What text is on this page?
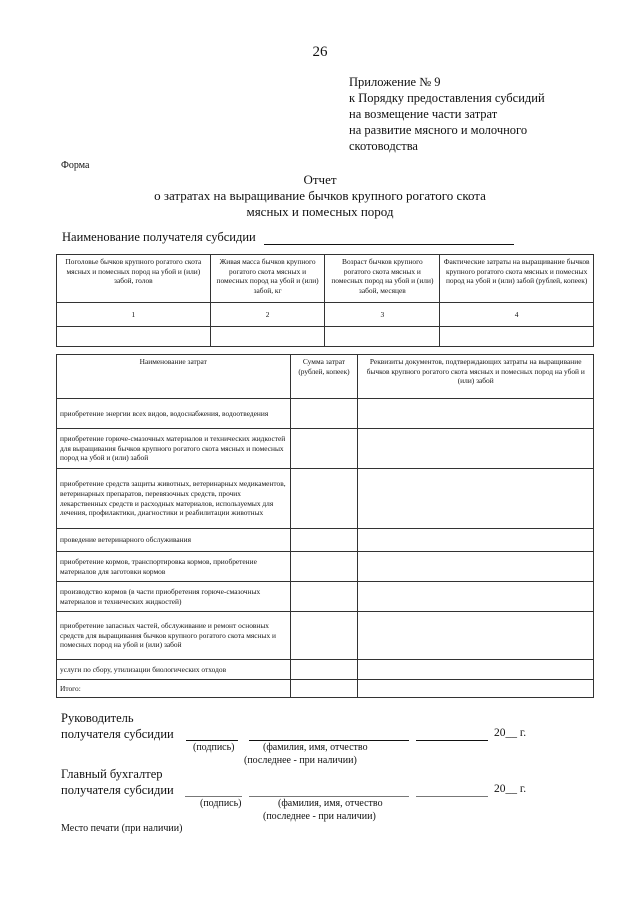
26
Приложение № 9
к Порядку предоставления субсидий
на возмещение части затрат
на развитие мясного и молочного
скотоводства
Форма
Отчет
о затратах на выращивание бычков крупного рогатого скота
мясных и помесных пород
Наименование получателя субсидии
Поголовье бычков крупного рогатого скота мясных и помесных пород на убой и (или) забой, голов	Живая масса бычков крупного рогатого скота мясных и помесных пород на убой и (или) забой, кг	Возраст бычков крупного рогатого скота мясных и помесных пород на убой и (или) забой, месяцев	Фактические затраты на выращивание бычков крупного рогатого скота мясных и помесных пород на убой и (или) забой (рублей, копеек)
1	2	3	4

Наименование затрат	Сумма затрат (рублей, копеек)	Реквизиты документов, подтверждающих затраты на выращивание бычков крупного рогатого скота мясных и помесных пород на убой и (или) забой
приобретение энергии всех видов, водоснабжения, водоотведения		
приобретение горюче-смазочных материалов и технических жидкостей для выращивания бычков крупного рогатого скота мясных и помесных пород на убой и (или) забой		
приобретение средств защиты животных, ветеринарных медикаментов, ветеринарных препаратов, перевязочных средств, прочих лекарственных средств и расходных материалов, используемых для лечения, профилактики, диагностики и реабилитации животных		
проведение ветеринарного обслуживания		
приобретение кормов, транспортировка кормов, приобретение материалов для заготовки кормов		
производство кормов (в части приобретения горюче-смазочных материалов и технических жидкостей)		
приобретение запасных частей, обслуживание и ремонт основных средств для выращивания бычков крупного рогатого скота мясных и помесных пород на убой и (или) забой		
услуги по сбору, утилизации биологических отходов		
Итого:		
Руководитель
получателя субсидии	20__ г.
(подпись)	(фамилия, имя, отчество
(последнее - при наличии)
Главный бухгалтер
получателя субсидии	20__ г.
(подпись)	(фамилия, имя, отчество
(последнее - при наличии)
Место печати (при наличии)
